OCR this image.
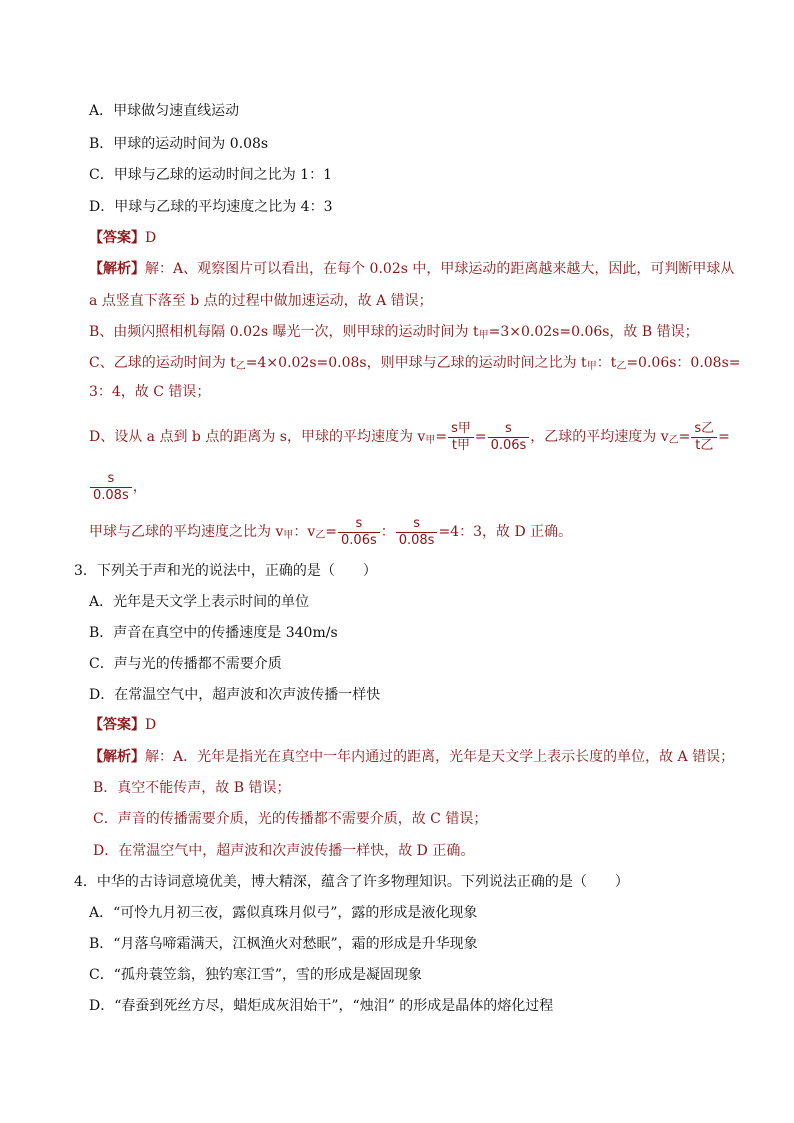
A．甲球做匀速直线运动
B．甲球的运动时间为 0.08s
C．甲球与乙球的运动时间之比为 1：1
D．甲球与乙球的平均速度之比为 4：3
【答案】D
【解析】解：A、观察图片可以看出，在每个 0.02s 中，甲球运动的距离越来越大，因此，可判断甲球从
a 点竖直下落至 b 点的过程中做加速运动，故 A 错误；
B、由频闪照相机每隔 0.02s 曝光一次，则甲球的运动时间为 $t_甲=3\times 0.02s=0.06s$，故 B 错误；
C、乙球的运动时间为 $t_乙=4\times 0.02s=0.08s$，则甲球与乙球的运动时间之比为 $t_甲$：$t_乙=0.06s$：0.08s=
3：4，故 C 错误；
D、设从 a 点到 b 点的距离为 s，甲球的平均速度为 $v_甲= \frac{\text{s甲}}{\text{t甲}} = \frac{s}{0.06s}$ ，乙球的平均速度为 $v_乙= \frac{\text{s乙}}{\text{t乙}}$ =
$\frac{s}{0.08s}$ ，
甲球与乙球的平均速度之比为 $v_甲$：$v_乙= \frac{s}{0.06s}$ ： $\frac{s}{0.08s} =4$：3，故 D 正确。
3．下列关于声和光的说法中，正确的是（　　）
A．光年是天文学上表示时间的单位
B．声音在真空中的传播速度是 340m/s
C．声与光的传播都不需要介质
D．在常温空气中，超声波和次声波传播一样快
【答案】D
【解析】解：A．光年是指光在真空中一年内通过的距离，光年是天文学上表示长度的单位，故 A 错误；
B．真空不能传声，故 B 错误；
C．声音的传播需要介质，光的传播都不需要介质，故 C 错误；
D．在常温空气中，超声波和次声波传播一样快，故 D 正确。
4．中华的古诗词意境优美，博大精深，蕴含了许多物理知识。下列说法正确的是（　　）
A．“可怜九月初三夜，露似真珠月似弓”，露的形成是液化现象
B．“月落乌啼霜满天，江枫渔火对愁眠”，霜的形成是升华现象
C．“孤舟蓑笠翁，独钓寒江雪”，雪的形成是凝固现象
D．“春蚕到死丝方尽，蜡炬成灰泪始干”，“烛泪” 的形成是晶体的熔化过程
